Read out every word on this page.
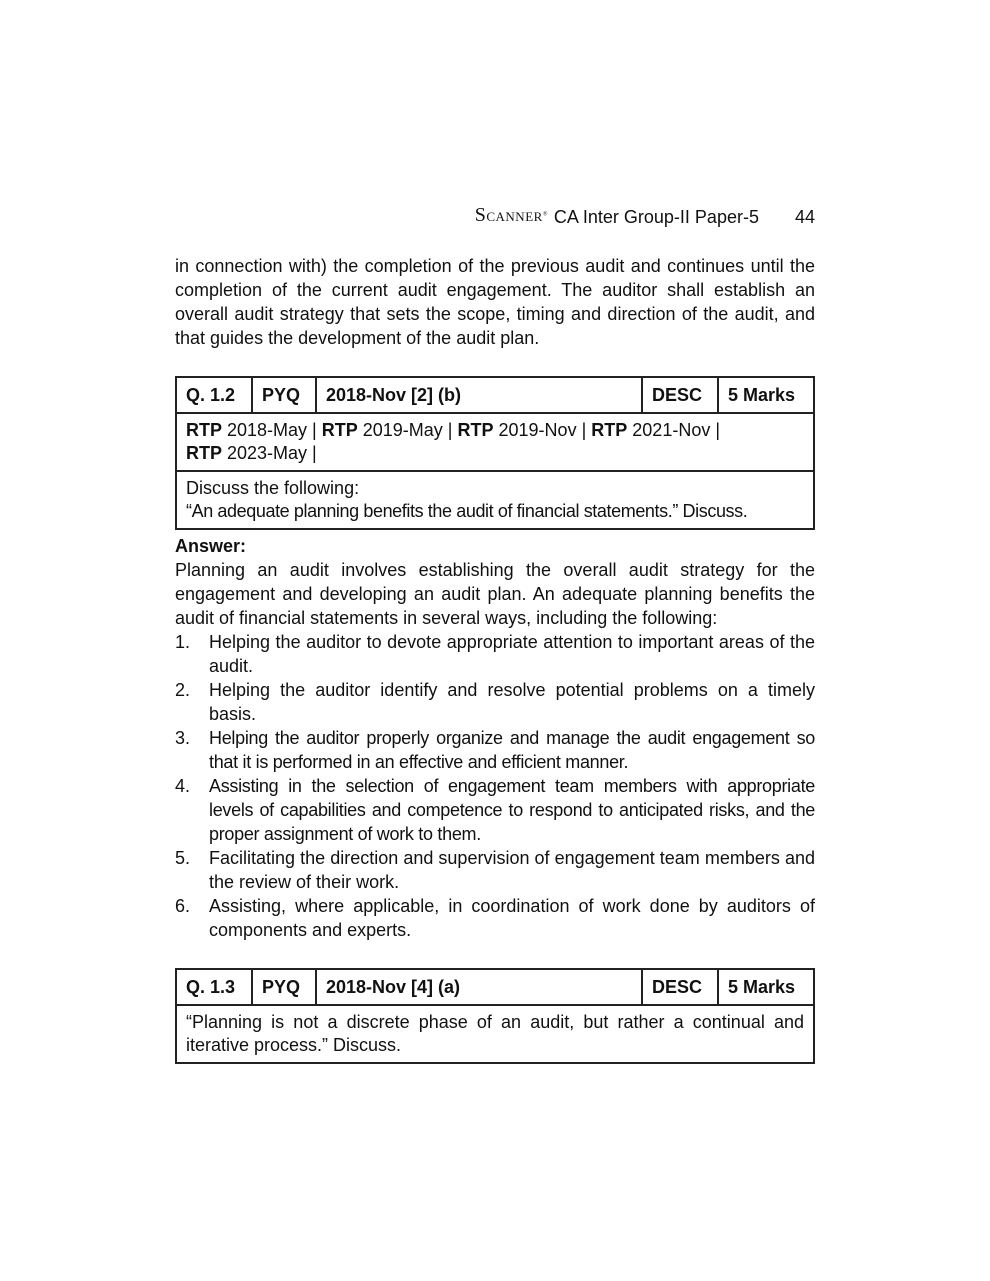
SCANNER® CA Inter Group-II Paper-5 44

in connection with) the completion of the previous audit and continues until the completion of the current audit engagement. The auditor shall establish an overall audit strategy that sets the scope, timing and direction of the audit, and that guides the development of the audit plan.

Q. 1.2	PYQ	2018-Nov [2] (b)	DESC	5 Marks
RTP 2018-May | RTP 2019-May | RTP 2019-Nov | RTP 2021-Nov |
RTP 2023-May |

Discuss the following:
“An adequate planning benefits the audit of financial statements.” Discuss.
Answer:

Planning an audit involves establishing the overall audit strategy for the engagement and developing an audit plan. An adequate planning benefits the audit of financial statements in several ways, including the following:

1.	Helping the auditor to devote appropriate attention to important areas of the audit.
2.	Helping the auditor identify and resolve potential problems on a timely basis.
3.	Helping the auditor properly organize and manage the audit engagement so that it is performed in an effective and efficient manner.
4.	Assisting in the selection of engagement team members with appropriate levels of capabilities and competence to respond to anticipated risks, and the proper assignment of work to them.
5.	Facilitating the direction and supervision of engagement team members and the review of their work.
6.	Assisting, where applicable, in coordination of work done by auditors of components and experts.
Q. 1.3	PYQ	2018-Nov [4] (a)	DESC	5 Marks
“Planning is not a discrete phase of an audit, but rather a continual and iterative process.” Discuss.
